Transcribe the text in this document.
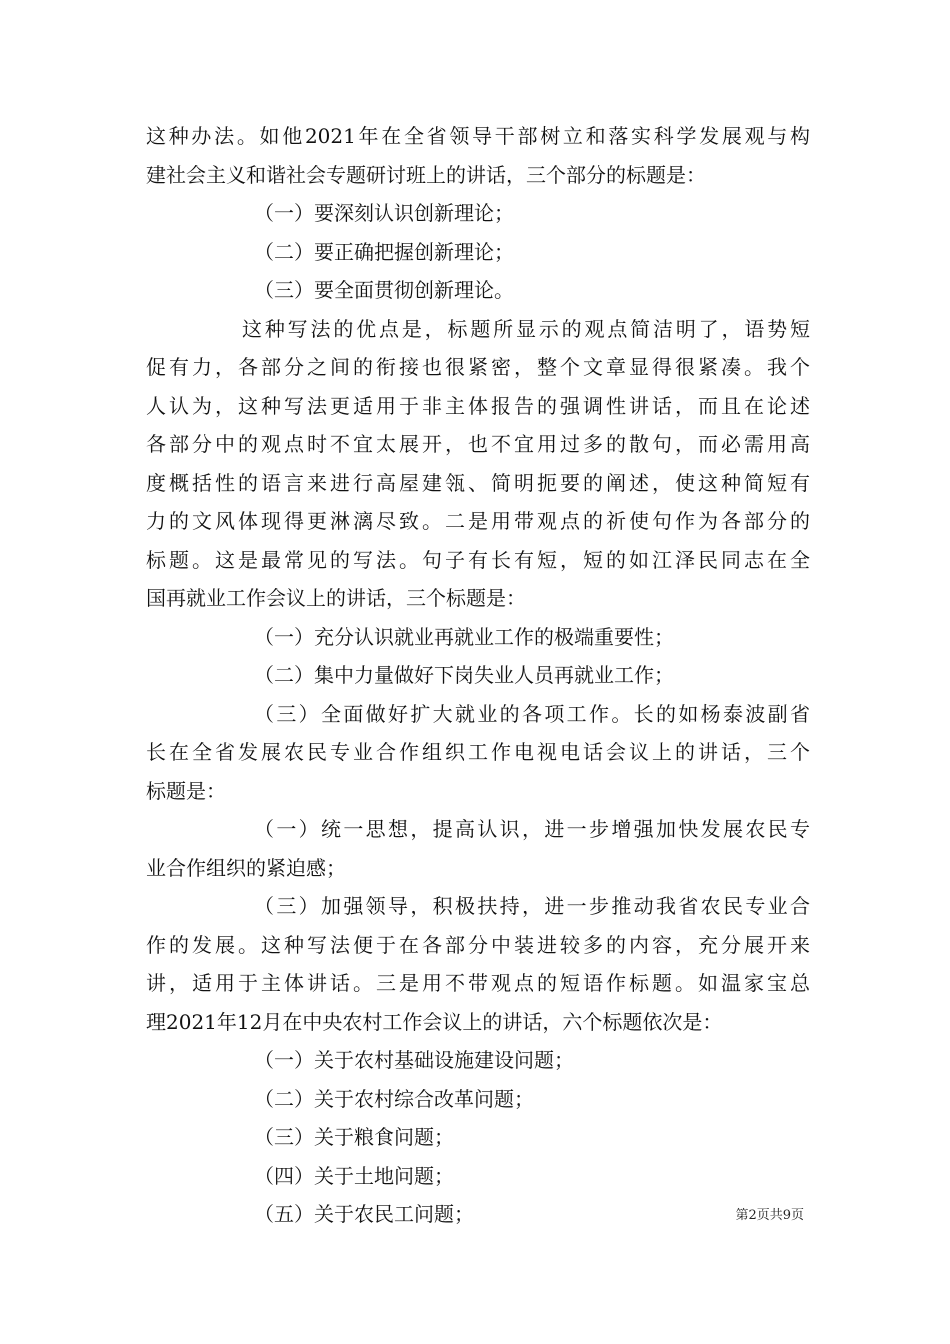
这种办法。如他2021年在全省领导干部树立和落实科学发展观与构
建社会主义和谐社会专题研讨班上的讲话，三个部分的标题是：
（一）要深刻认识创新理论；
（二）要正确把握创新理论；
（三）要全面贯彻创新理论。
这种写法的优点是，标题所显示的观点简洁明了，语势短
促有力，各部分之间的衔接也很紧密，整个文章显得很紧凑。我个
人认为，这种写法更适用于非主体报告的强调性讲话，而且在论述
各部分中的观点时不宜太展开，也不宜用过多的散句，而必需用高
度概括性的语言来进行高屋建瓴、简明扼要的阐述，使这种简短有
力的文风体现得更淋漓尽致。二是用带观点的祈使句作为各部分的
标题。这是最常见的写法。句子有长有短，短的如江泽民同志在全
国再就业工作会议上的讲话，三个标题是：
（一）充分认识就业再就业工作的极端重要性；
（二）集中力量做好下岗失业人员再就业工作；
（三）全面做好扩大就业的各项工作。长的如杨泰波副省
长在全省发展农民专业合作组织工作电视电话会议上的讲话，三个
标题是：
（一）统一思想，提高认识，进一步增强加快发展农民专
业合作组织的紧迫感；
（三）加强领导，积极扶持，进一步推动我省农民专业合
作的发展。这种写法便于在各部分中装进较多的内容，充分展开来
讲，适用于主体讲话。三是用不带观点的短语作标题。如温家宝总
理2021年12月在中央农村工作会议上的讲话，六个标题依次是：
（一）关于农村基础设施建设问题；
（二）关于农村综合改革问题；
（三）关于粮食问题；
（四）关于土地问题；
（五）关于农民工问题；	第2页共9页
